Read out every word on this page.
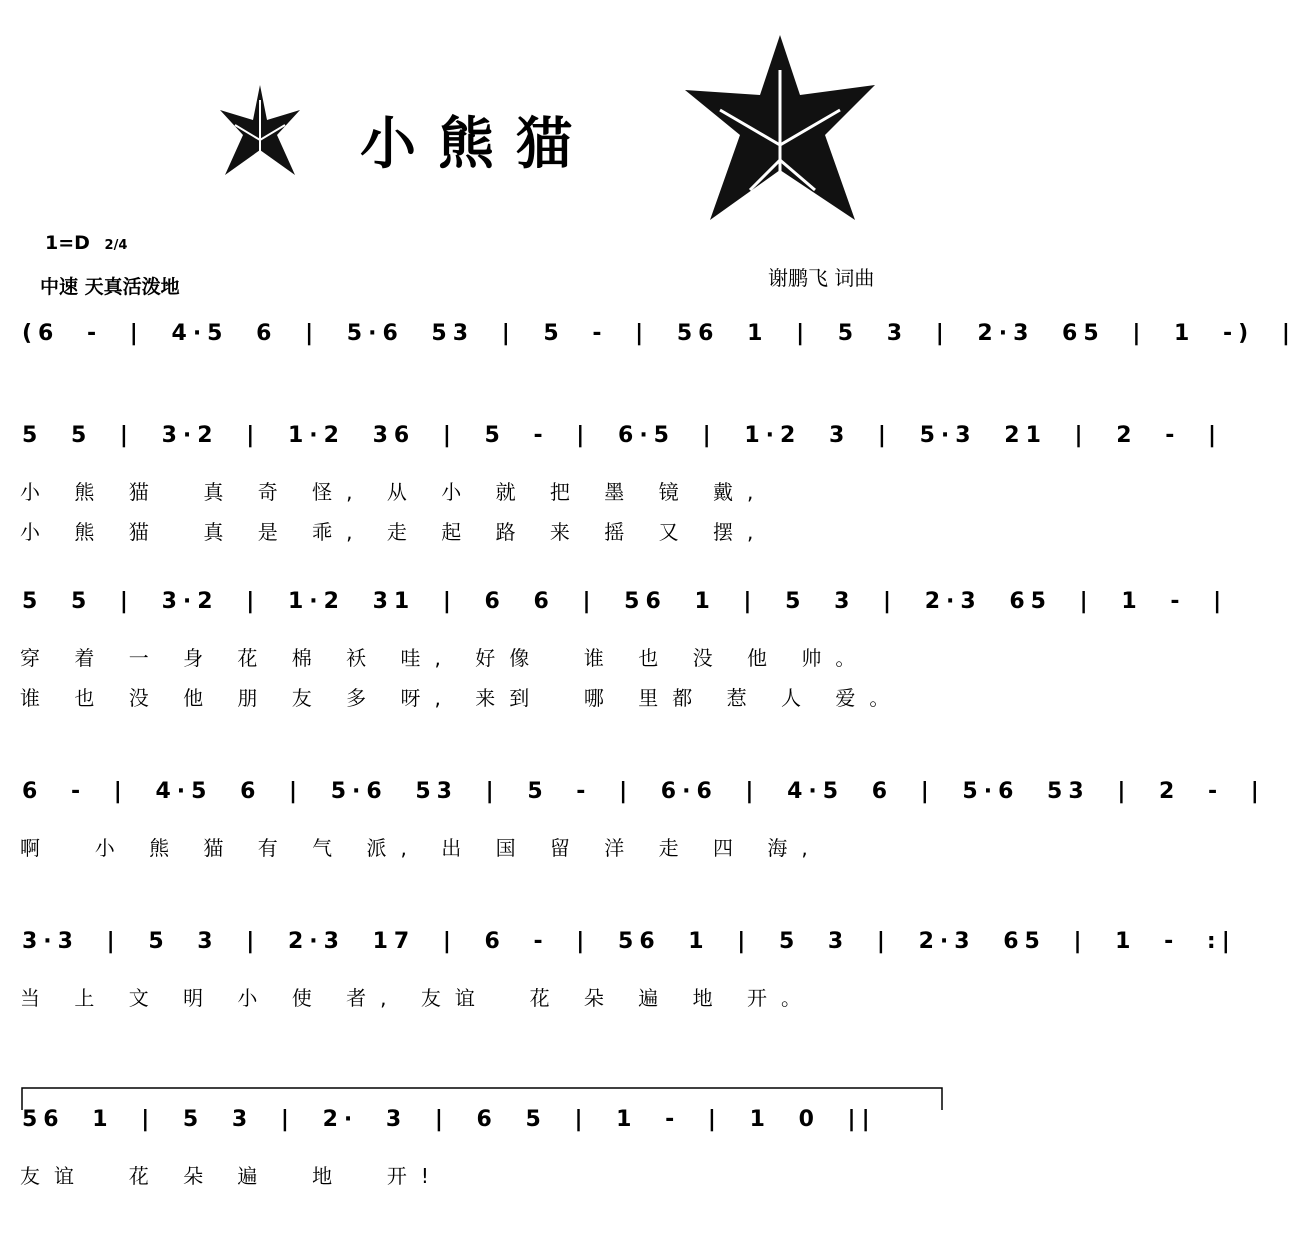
小熊猫
1=D 2/4
中速 天真活泼地	谢鹏飞 词曲
(6 - | 4·5 6 | 5·6 53 | 5 - | 56 1 | 5 3 | 2·3 65 | 1 -) |
5 5 | 3·2 | 1·2 36 | 5 - | 6·5 | 1·2 3 | 5·3 21 | 2 - |
小 熊 猫  真 奇 怪, 从 小 就 把 墨 镜 戴,
小 熊 猫  真 是 乖, 走 起 路 来 摇 又 摆,
5 5 | 3·2 | 1·2 31 | 6 6 | 56 1 | 5 3 | 2·3 65 | 1 - |
穿 着 一 身 花 棉 袄 哇, 好像  谁 也 没 他 帅。
谁 也 没 他 朋 友 多 呀, 来到  哪 里都 惹 人 爱。
6 - | 4·5 6 | 5·6 53 | 5 - | 6·6 | 4·5 6 | 5·6 53 | 2 - |
啊  小 熊 猫 有 气 派, 出 国 留 洋 走 四 海,
3·3 | 5 3 | 2·3 17 | 6 - | 56 1 | 5 3 | 2·3 65 | 1 - :|
当 上 文 明 小 使 者, 友谊  花 朵 遍 地 开。
56 1 | 5 3 | 2· 3 | 6 5 | 1 - | 1 0 ||
友谊  花 朵 遍  地  开!
